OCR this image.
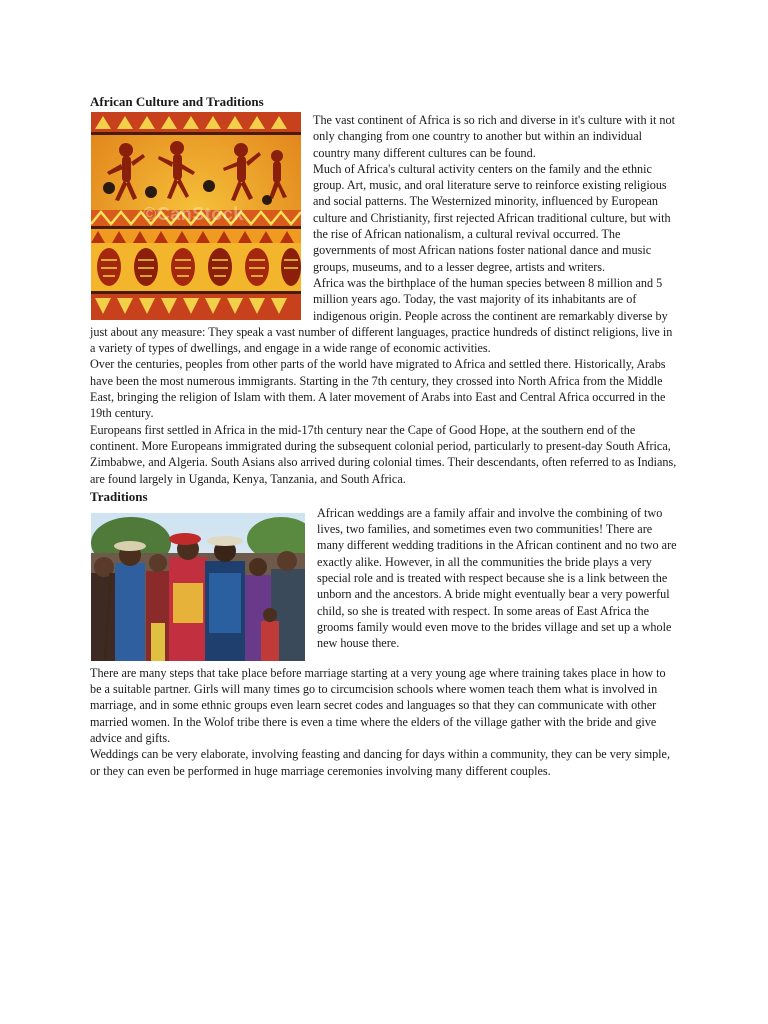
African Culture and Traditions
©CanStock

The vast continent of Africa is so rich and diverse in it's culture with it not only changing from one country to another but within an individual country many different cultures can be found.

Much of Africa's cultural activity centers on the family and the ethnic group. Art, music, and oral literature serve to reinforce existing religious and social patterns. The Westernized minority, influenced by European culture and Christianity, first rejected African traditional culture, but with the rise of African nationalism, a cultural revival occurred. The governments of most African nations foster national dance and music groups, museums, and to a lesser degree, artists and writers.

Africa was the birthplace of the human species between 8 million and 5 million years ago. Today, the vast majority of its inhabitants are of indigenous origin. People across the continent are remarkably diverse by just about any measure: They speak a vast number of different languages, practice hundreds of distinct religions, live in a variety of types of dwellings, and engage in a wide range of economic activities.

Over the centuries, peoples from other parts of the world have migrated to Africa and settled there. Historically, Arabs have been the most numerous immigrants. Starting in the 7th century, they crossed into North Africa from the Middle East, bringing the religion of Islam with them. A later movement of Arabs into East and Central Africa occurred in the 19th century.

Europeans first settled in Africa in the mid-17th century near the Cape of Good Hope, at the southern end of the continent. More Europeans immigrated during the subsequent colonial period, particularly to present-day South Africa, Zimbabwe, and Algeria. South Asians also arrived during colonial times. Their descendants, often referred to as Indians, are found largely in Uganda, Kenya, Tanzania, and South Africa.

Traditions

African weddings are a family affair and involve the combining of two lives, two families, and sometimes even two communities! There are many different wedding traditions in the African continent and no two are exactly alike. However, in all the communities the bride plays a very special role and is treated with respect because she is a link between the unborn and the ancestors. A bride might eventually bear a very powerful child, so she is treated with respect. In some areas of East Africa the grooms family would even move to the brides village and set up a whole new house there.

There are many steps that take place before marriage starting at a very young age where training takes place in how to be a suitable partner. Girls will many times go to circumcision schools where women teach them what is involved in marriage, and in some ethnic groups even learn secret codes and languages so that they can communicate with other married women. In the Wolof tribe there is even a time where the elders of the village gather with the bride and give advice and gifts.

Weddings can be very elaborate, involving feasting and dancing for days within a community, they can be very simple, or they can even be performed in huge marriage ceremonies involving many different couples.
